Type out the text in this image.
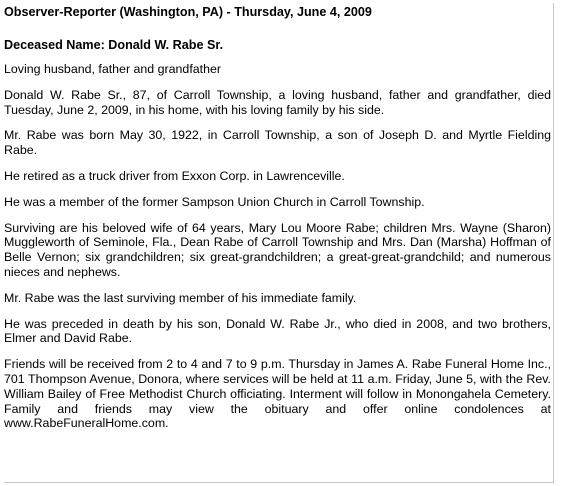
Observer-Reporter (Washington, PA) - Thursday, June 4, 2009

Deceased Name: Donald W. Rabe Sr.

Loving husband, father and grandfather

Donald W. Rabe Sr., 87, of Carroll Township, a loving husband, father and grandfather, died Tuesday, June 2, 2009, in his home, with his loving family by his side.

Mr. Rabe was born May 30, 1922, in Carroll Township, a son of Joseph D. and Myrtle Fielding Rabe.

He retired as a truck driver from Exxon Corp. in Lawrenceville.

He was a member of the former Sampson Union Church in Carroll Township.

Surviving are his beloved wife of 64 years, Mary Lou Moore Rabe; children Mrs. Wayne (Sharon) Muggleworth of Seminole, Fla., Dean Rabe of Carroll Township and Mrs. Dan (Marsha) Hoffman of Belle Vernon; six grandchildren; six great-grandchildren; a great-great-grandchild; and numerous nieces and nephews.

Mr. Rabe was the last surviving member of his immediate family.

He was preceded in death by his son, Donald W. Rabe Jr., who died in 2008, and two brothers, Elmer and David Rabe.

Friends will be received from 2 to 4 and 7 to 9 p.m. Thursday in James A. Rabe Funeral Home Inc., 701 Thompson Avenue, Donora, where services will be held at 11 a.m. Friday, June 5, with the Rev. William Bailey of Free Methodist Church officiating. Interment will follow in Monongahela Cemetery. Family and friends may view the obituary and offer online condolences at www.RabeFuneralHome.com.
